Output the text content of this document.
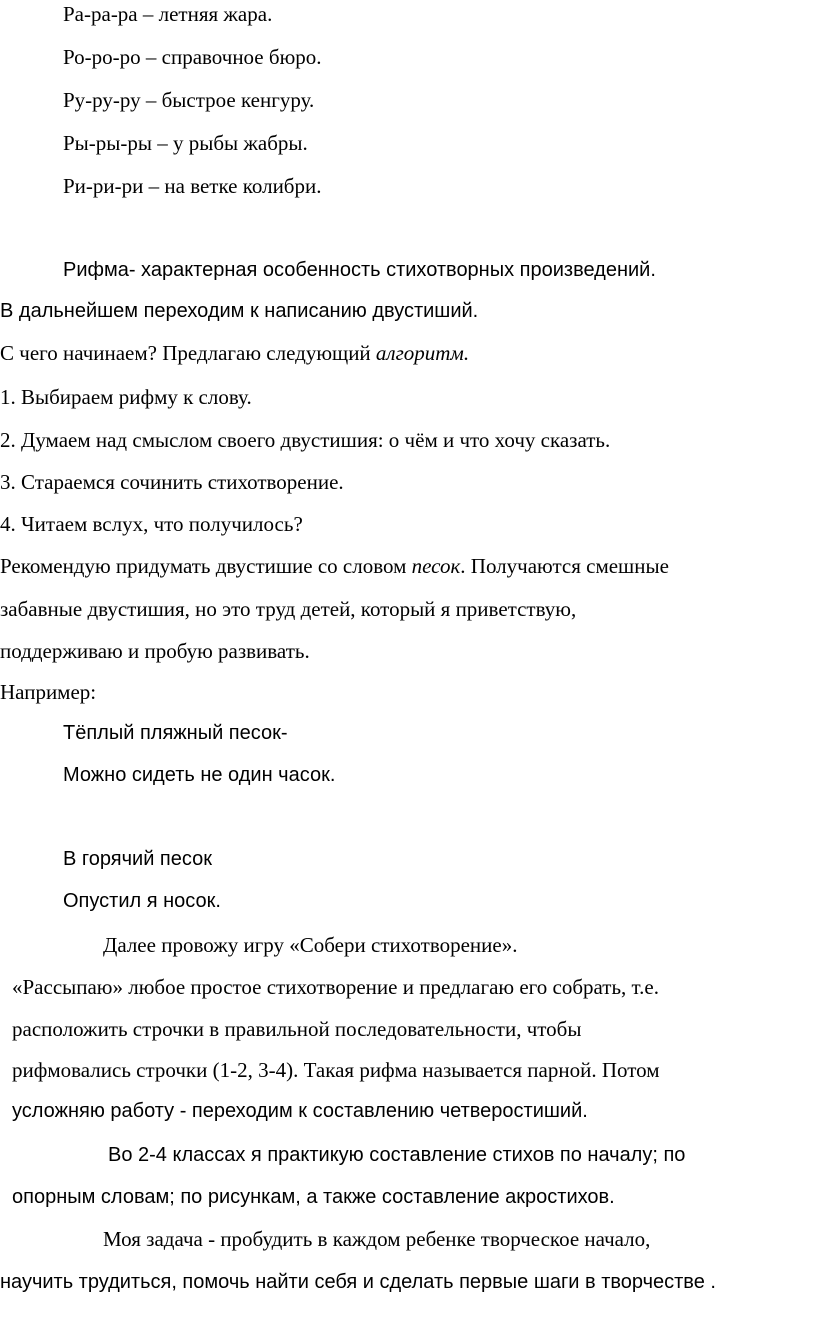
Ра-ра-ра – летняя жара.
Ро-ро-ро – справочное бюро.
Ру-ру-ру – быстрое кенгуру.
Ры-ры-ры – у рыбы жабры.
Ри-ри-ри – на ветке колибри.
Рифма- характерная особенность стихотворных произведений.
В дальнейшем переходим к написанию двустиший.
С чего начинаем? Предлагаю следующий алгоритм.
1. Выбираем рифму к слову.
2. Думаем над смыслом своего двустишия: о чём и что хочу сказать.
3. Стараемся сочинить стихотворение.
4. Читаем вслух, что получилось?
Рекомендую придумать двустишие со словом песок. Получаются смешные
забавные двустишия, но это труд детей, который я приветствую,
поддерживаю и пробую развивать.
Например:
Тёплый пляжный песок-
Можно сидеть не один часок.
В горячий песок
Опустил я носок.
Далее провожу игру «Собери стихотворение».
«Рассыпаю» любое простое стихотворение и предлагаю его собрать, т.е.
расположить строчки в правильной последовательности, чтобы
рифмовались строчки (1-2, 3-4). Такая рифма называется парной. Потом
усложняю работу - переходим к составлению четверостиший.
Во 2-4 классах я практикую составление стихов по началу; по
опорным словам; по рисункам, а также составление акростихов.
Моя задача - пробудить в каждом ребенке творческое начало,
научить трудиться, помочь найти себя и сделать первые шаги в творчестве .
